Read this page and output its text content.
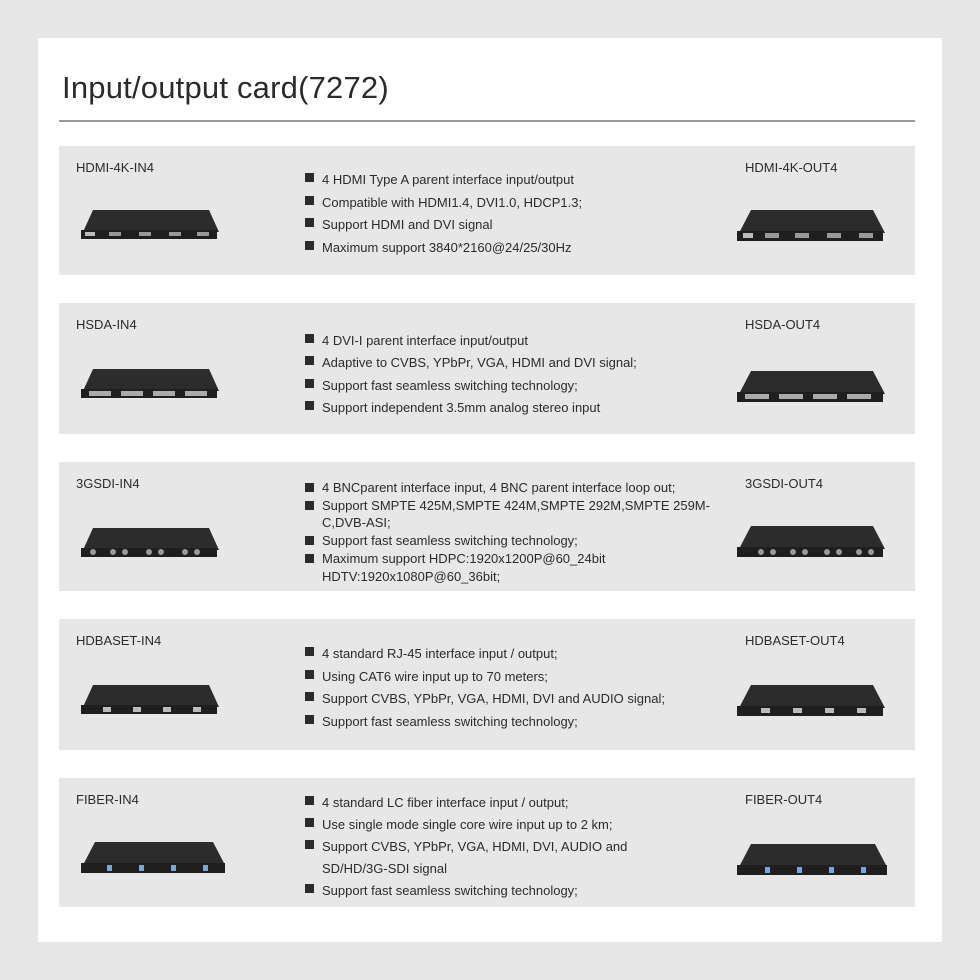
Input/output card(7272)
HDMI-4K-IN4
4 HDMI Type A parent interface input/output
Compatible with HDMI1.4, DVI1.0, HDCP1.3;
Support HDMI and DVI signal
Maximum support 3840*2160@24/25/30Hz
HDMI-4K-OUT4
HSDA-IN4
4 DVI-I parent interface input/output
Adaptive to CVBS, YPbPr, VGA, HDMI and DVI signal;
Support fast seamless switching technology;
Support independent 3.5mm analog stereo input
HSDA-OUT4
3GSDI-IN4	4 BNCparent interface input, 4 BNC parent interface loop out;
Support SMPTE 425M,SMPTE 424M,SMPTE 292M,SMPTE 259M-C,DVB-ASI;
Support fast seamless switching technology;
Maximum support HDPC:1920x1200P@60_24bit HDTV:1920x1080P@60_36bit;
3GSDI-OUT4
HDBASET-IN4
4 standard RJ-45 interface input / output;
Using CAT6 wire input up to 70 meters;
Support CVBS, YPbPr, VGA, HDMI, DVI and AUDIO signal;
Support fast seamless switching technology;
HDBASET-OUT4
FIBER-IN4	4 standard LC fiber interface input / output;
Use single mode single core wire input up to 2 km;
Support CVBS, YPbPr, VGA, HDMI, DVI, AUDIO and SD/HD/3G-SDI signal
Support fast seamless switching technology;
FIBER-OUT4
